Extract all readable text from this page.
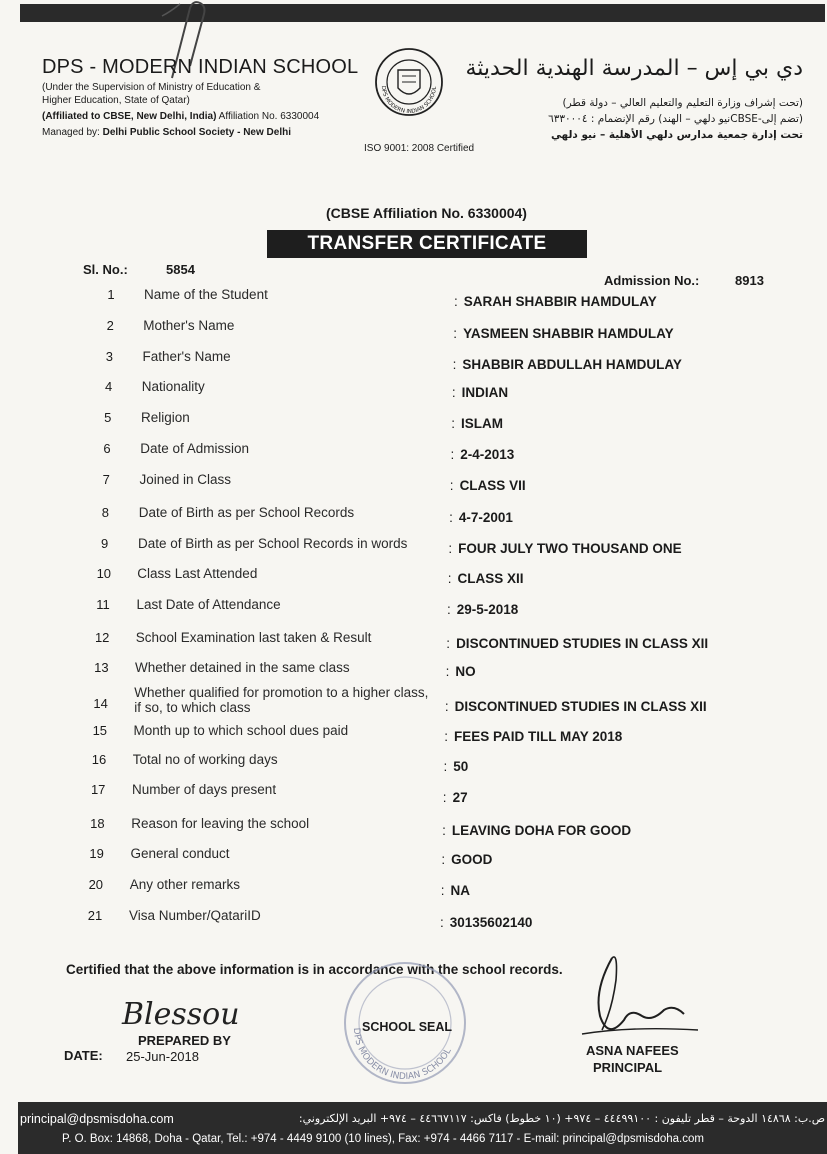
DPS - MODERN INDIAN SCHOOL
(Under the Supervision of Ministry of Education &
Higher Education, State of Qatar)
(Affiliated to CBSE, New Delhi, India) Affiliation No. 6330004
Managed by: Delhi Public School Society - New Delhi
DPS MODERN INDIAN SCHOOL
ISO 9001: 2008 Certified
دي بي إس – المدرسة الهندية الحديثة
(تحت إشراف وزارة التعليم والتعليم العالي – دولة قطر)
(تضم إلى-CBSEنيو دلهي – الهند) رقم الإنضمام : ٦٣٣٠٠٠٤
تحت إدارة جمعية مدارس دلهي الأهلية – نيو دلهي
(CBSE Affiliation No. 6330004)
TRANSFER CERTIFICATE
Sl. No.:	5854
Admission No.:	8913
1	Name of the Student	: SARAH SHABBIR HAMDULAY
2	Mother's Name
: YASMEEN SHABBIR HAMDULAY
3	Father's Name
: SHABBIR ABDULLAH HAMDULAY
4	Nationality	: INDIAN
5	Religion	: ISLAM
6	Date of Admission	: 2-4-2013
7	Joined in Class	: CLASS VII
8	Date of Birth as per School Records	: 4-7-2001
9	Date of Birth as per School Records in words	: FOUR JULY TWO THOUSAND ONE
10	Class Last Attended	: CLASS XII
11	Last Date of Attendance	: 29-5-2018
12	School Examination last taken & Result	: DISCONTINUED STUDIES IN CLASS XII
13	Whether detained in the same class	: NO
14
Whether qualified for promotion to a higher class,
if so, to which class	: DISCONTINUED STUDIES IN CLASS XII
15	Month up to which school dues paid	: FEES PAID TILL MAY 2018
16	Total no of working days	: 50
17	Number of days present
: 27
18	Reason for leaving the school	: LEAVING DOHA FOR GOOD
19	General conduct	: GOOD
20	Any other remarks	: NA
21	Visa Number/QatariID	: 30135602140
Certified that the above information is in accordance with the school records.
Blessou
PREPARED BY
DATE: 25-Jun-2018
DPS MODERN INDIAN SCHOOL
SCHOOL SEAL
ASNA NAFEES
PRINCIPAL
principal@dpsmisdoha.com	ص.ب: ١٤٨٦٨ الدوحة – قطر تليفون : ٤٤٤٩٩١٠٠ – ٩٧٤+ (١٠ خطوط) فاكس: ٤٤٦٦٧١١٧ – ٩٧٤+ البريد الإلكتروني:
P. O. Box: 14868, Doha - Qatar, Tel.: +974 - 4449 9100 (10 lines), Fax: +974 - 4466 7117 - E-mail: principal@dpsmisdoha.com
